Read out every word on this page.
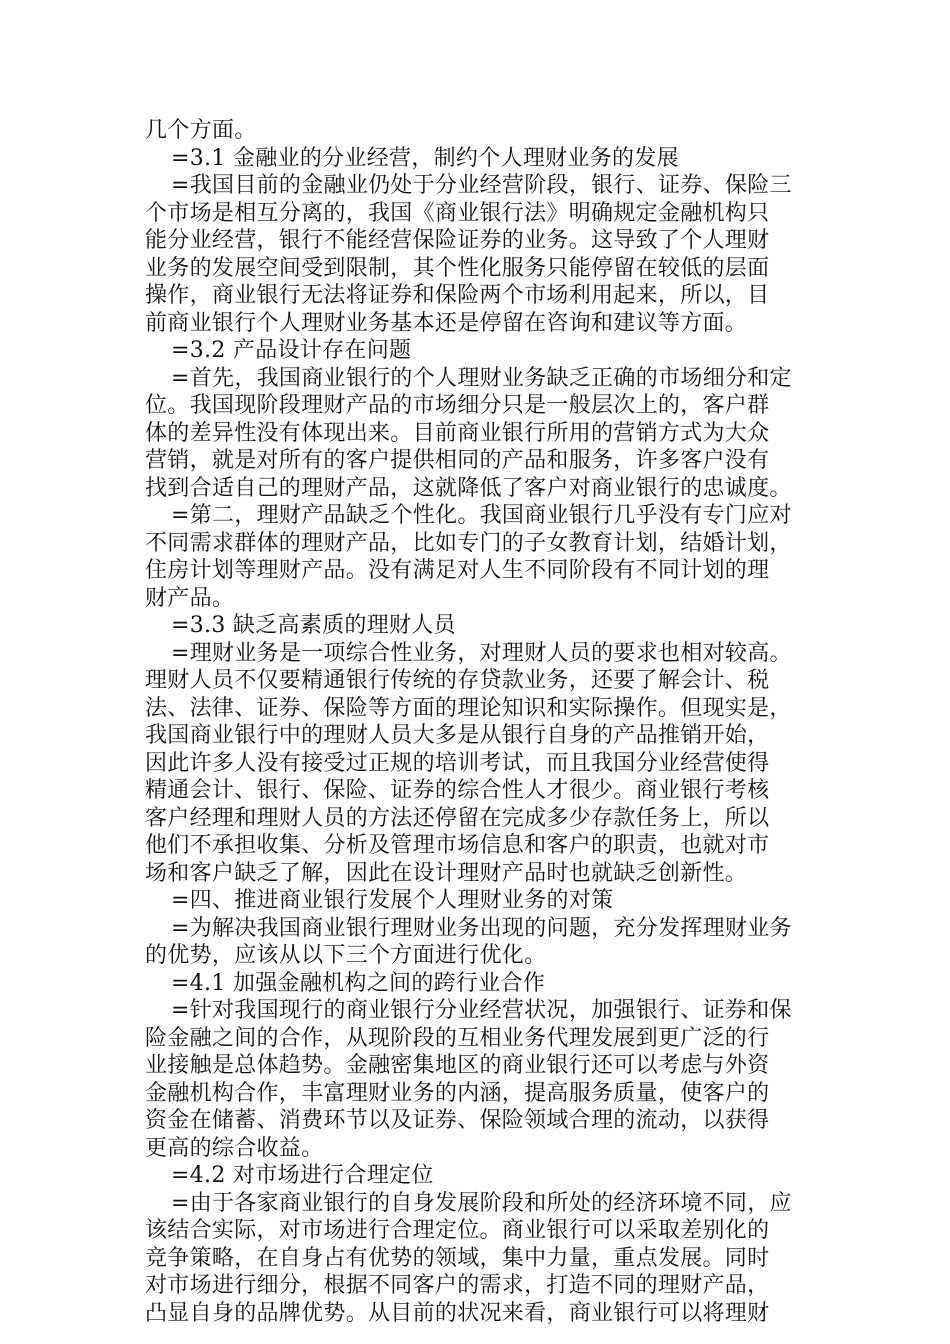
几个方面。
=3.1 金融业的分业经营，制约个人理财业务的发展
=我国目前的金融业仍处于分业经营阶段，银行、证券、保险三
个市场是相互分离的，我国《商业银行法》明确规定金融机构只
能分业经营，银行不能经营保险证券的业务。这导致了个人理财
业务的发展空间受到限制，其个性化服务只能停留在较低的层面
操作，商业银行无法将证券和保险两个市场利用起来，所以，目
前商业银行个人理财业务基本还是停留在咨询和建议等方面。
=3.2 产品设计存在问题
=首先，我国商业银行的个人理财业务缺乏正确的市场细分和定
位。我国现阶段理财产品的市场细分只是一般层次上的，客户群
体的差异性没有体现出来。目前商业银行所用的营销方式为大众
营销，就是对所有的客户提供相同的产品和服务，许多客户没有
找到合适自己的理财产品，这就降低了客户对商业银行的忠诚度。
=第二，理财产品缺乏个性化。我国商业银行几乎没有专门应对
不同需求群体的理财产品，比如专门的子女教育计划，结婚计划，
住房计划等理财产品。没有满足对人生不同阶段有不同计划的理
财产品。
=3.3 缺乏高素质的理财人员
=理财业务是一项综合性业务，对理财人员的要求也相对较高。
理财人员不仅要精通银行传统的存贷款业务，还要了解会计、税
法、法律、证券、保险等方面的理论知识和实际操作。但现实是，
我国商业银行中的理财人员大多是从银行自身的产品推销开始，
因此许多人没有接受过正规的培训考试，而且我国分业经营使得
精通会计、银行、保险、证券的综合性人才很少。商业银行考核
客户经理和理财人员的方法还停留在完成多少存款任务上，所以
他们不承担收集、分析及管理市场信息和客户的职责，也就对市
场和客户缺乏了解，因此在设计理财产品时也就缺乏创新性。
=四、推进商业银行发展个人理财业务的对策
=为解决我国商业银行理财业务出现的问题，充分发挥理财业务
的优势，应该从以下三个方面进行优化。
=4.1 加强金融机构之间的跨行业合作
=针对我国现行的商业银行分业经营状况，加强银行、证券和保
险金融之间的合作，从现阶段的互相业务代理发展到更广泛的行
业接触是总体趋势。金融密集地区的商业银行还可以考虑与外资
金融机构合作，丰富理财业务的内涵，提高服务质量，使客户的
资金在储蓄、消费环节以及证券、保险领域合理的流动，以获得
更高的综合收益。
=4.2 对市场进行合理定位
=由于各家商业银行的自身发展阶段和所处的经济环境不同，应
该结合实际，对市场进行合理定位。商业银行可以采取差别化的
竞争策略，在自身占有优势的领域，集中力量，重点发展。同时
对市场进行细分，根据不同客户的需求，打造不同的理财产品，
凸显自身的品牌优势。从目前的状况来看，商业银行可以将理财
